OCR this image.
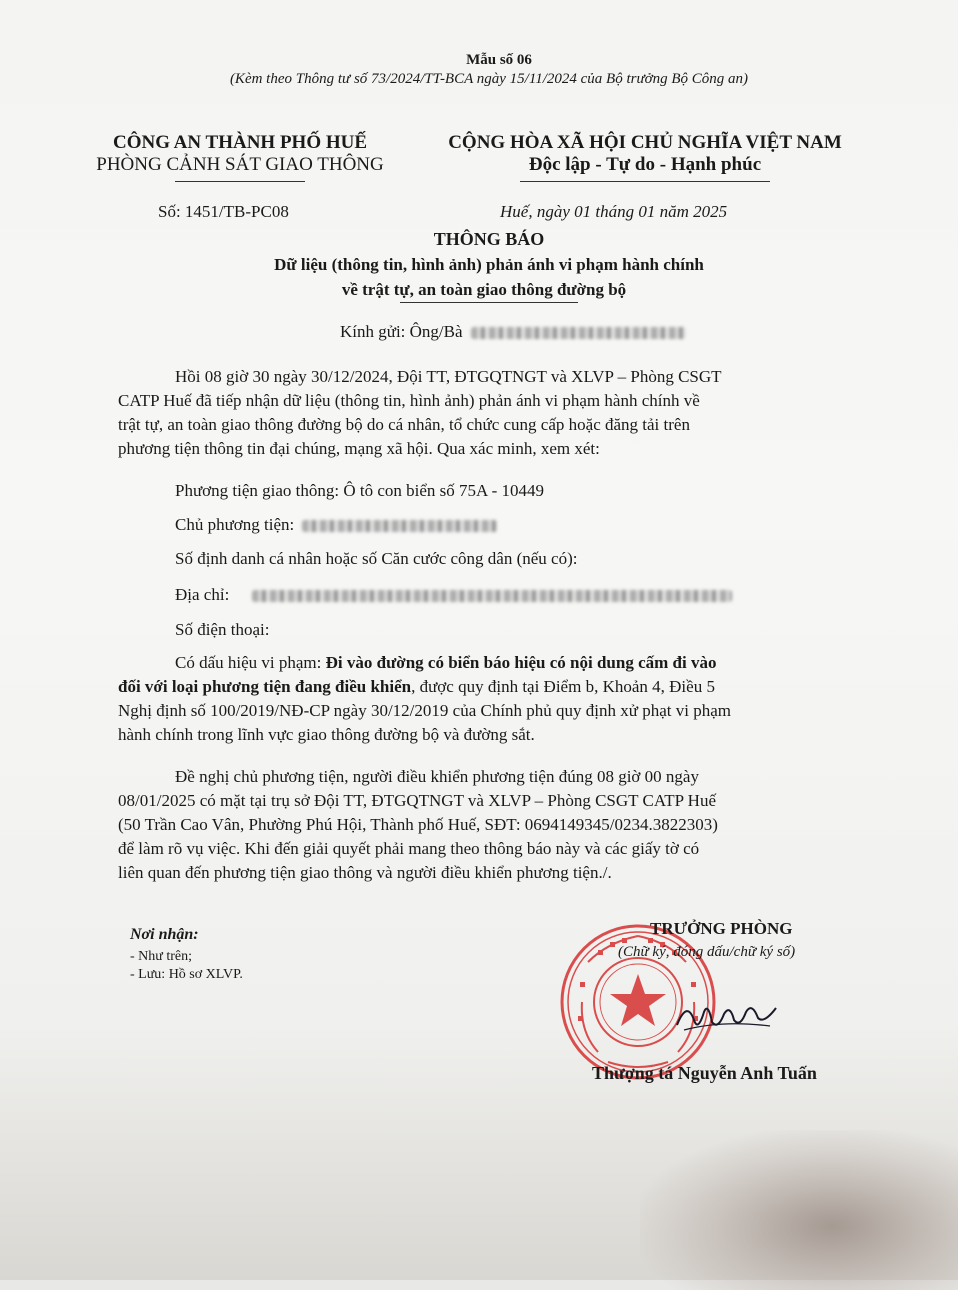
Mẫu số 06
(Kèm theo Thông tư số 73/2024/TT-BCA ngày 15/11/2024 của Bộ trưởng Bộ Công an)
CÔNG AN THÀNH PHỐ HUẾ
PHÒNG CẢNH SÁT GIAO THÔNG
CỘNG HÒA XÃ HỘI CHỦ NGHĨA VIỆT NAM
Độc lập - Tự do - Hạnh phúc
Số: 1451/TB-PC08	Huế, ngày 01 tháng 01 năm 2025
THÔNG BÁO
Dữ liệu (thông tin, hình ảnh) phản ánh vi phạm hành chính
về trật tự, an toàn giao thông đường bộ
Kính gửi: Ông/Bà
Hồi 08 giờ 30 ngày 30/12/2024, Đội TT, ĐTGQTNGT và XLVP – Phòng CSGT
CATP Huế đã tiếp nhận dữ liệu (thông tin, hình ảnh) phản ánh vi phạm hành chính về
trật tự, an toàn giao thông đường bộ do cá nhân, tổ chức cung cấp hoặc đăng tải trên
phương tiện thông tin đại chúng, mạng xã hội. Qua xác minh, xem xét:
Phương tiện giao thông: Ô tô con biển số 75A - 10449
Chủ phương tiện:
Số định danh cá nhân hoặc số Căn cước công dân (nếu có):
Địa chỉ:
Số điện thoại:
Có dấu hiệu vi phạm: Đi vào đường có biển báo hiệu có nội dung cấm đi vào
đối với loại phương tiện đang điều khiển, được quy định tại Điểm b, Khoản 4, Điều 5
Nghị định số 100/2019/NĐ-CP ngày 30/12/2019 của Chính phủ quy định xử phạt vi phạm
hành chính trong lĩnh vực giao thông đường bộ và đường sắt.
Đề nghị chủ phương tiện, người điều khiển phương tiện đúng 08 giờ 00 ngày
08/01/2025 có mặt tại trụ sở Đội TT, ĐTGQTNGT và XLVP – Phòng CSGT CATP Huế
(50 Trần Cao Vân, Phường Phú Hội, Thành phố Huế, SĐT: 0694149345/0234.3822303)
để làm rõ vụ việc. Khi đến giải quyết phải mang theo thông báo này và các giấy tờ có
liên quan đến phương tiện giao thông và người điều khiển phương tiện./.
Nơi nhận:
- Như trên;
- Lưu: Hồ sơ XLVP.
TRƯỞNG PHÒNG
(Chữ ký, đóng dấu/chữ ký số)
Thượng tá Nguyễn Anh Tuấn
